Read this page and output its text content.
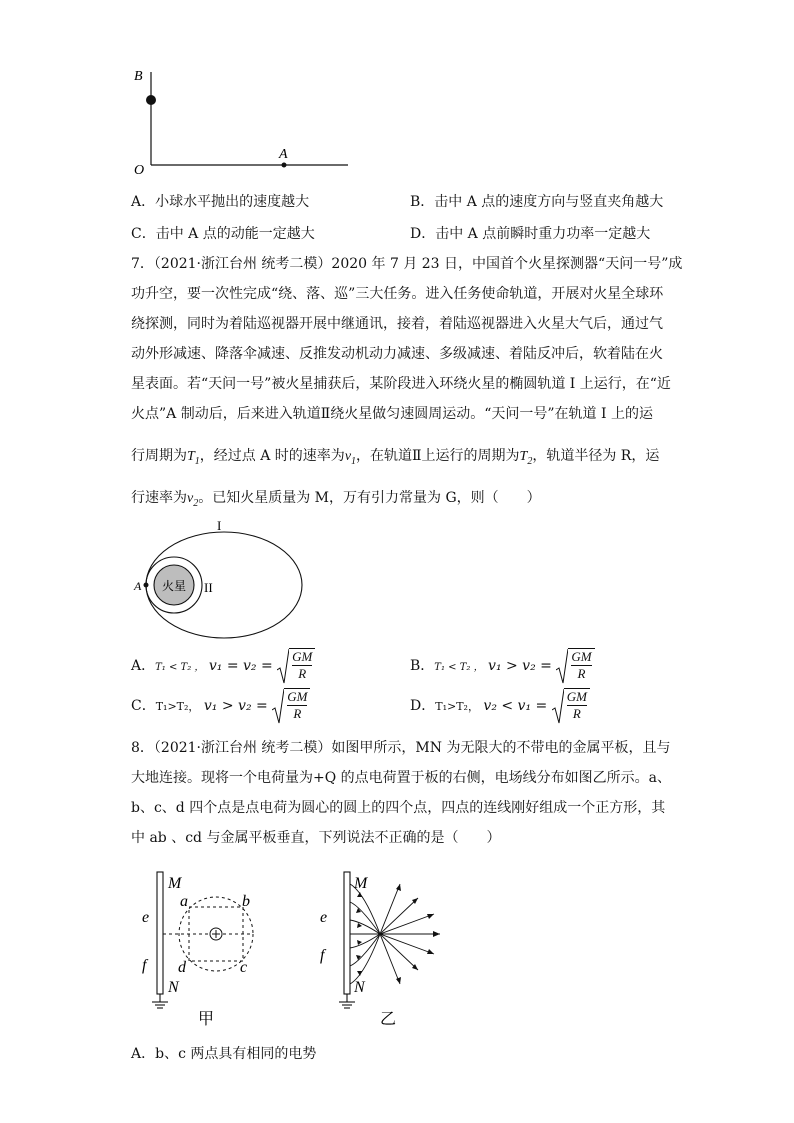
B
O
A
A．小球水平抛出的速度越大	B．击中 A 点的速度方向与竖直夹角越大
C．击中 A 点的动能一定越大	D．击中 A 点前瞬时重力功率一定越大
7．（2021·浙江台州 统考二模）2020 年 7 月 23 日，中国首个火星探测器“天问一号”成
功升空，要一次性完成“绕、落、巡”三大任务。进入任务使命轨道，开展对火星全球环
绕探测，同时为着陆巡视器开展中继通讯，接着，着陆巡视器进入火星大气后，通过气
动外形减速、降落伞减速、反推发动机动力减速、多级减速、着陆反冲后，软着陆在火
星表面。若“天问一号”被火星捕获后，某阶段进入环绕火星的椭圆轨道 I 上运行，在“近
火点”A 制动后，后来进入轨道Ⅱ绕火星做匀速圆周运动。“天问一号”在轨道 I 上的运
行周期为$T_1$，经过点 A 时的速率为$v_1$，在轨道Ⅱ上运行的周期为$T_2$，轨道半径为 R，运
行速率为$v_2$。已知火星质量为 M，万有引力常量为 G，则（　　）
火星
I
II
A
A．T₁ < T₂ ， $v_1 = v_2 = \frac{GM}{R}$	B．T₁ < T₂ ， $v_1 > v_2 = \frac{GM}{R}$
C．T₁>T₂， $v_1 > v_2 = \frac{GM}{R}$	D．T₁>T₂， $v_2 < v_1 = \frac{GM}{R}$
8．（2021·浙江台州 统考二模）如图甲所示，MN 为无限大的不带电的金属平板，且与
大地连接。现将一个电荷量为+Q 的点电荷置于板的右侧，电场线分布如图乙所示。a、
b、c、d 四个点是点电荷为圆心的圆上的四个点，四点的连线刚好组成一个正方形，其
中 ab 、cd 与金属平板垂直，下列说法不正确的是（　　）
M
N
e
f
a	b
c
d
甲
M
N
e
f
乙
A．b、c 两点具有相同的电势
